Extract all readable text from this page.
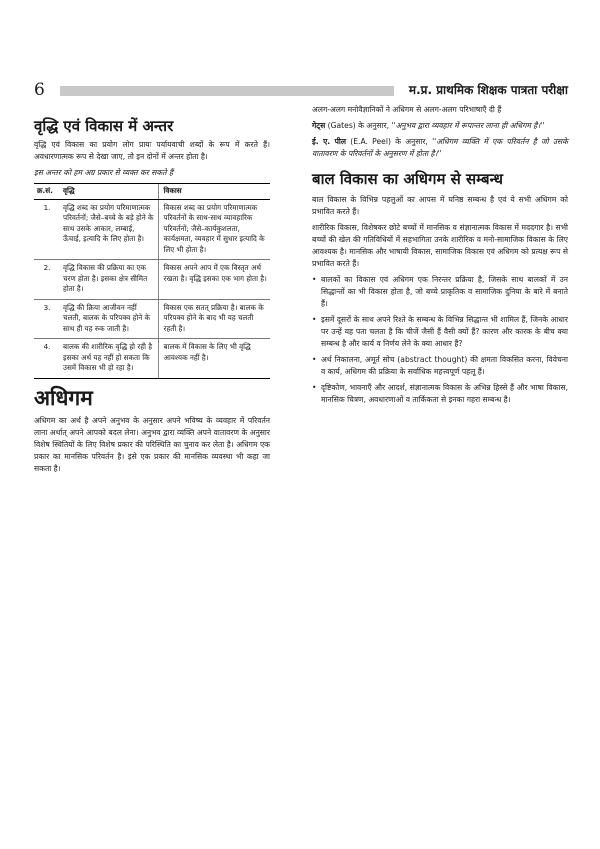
6	म.प्र. प्राथमिक शिक्षक पात्रता परीक्षा
वृद्धि एवं विकास में अन्तर

वृद्धि एवं विकास का प्रयोग लोग प्रायः पर्यायवाची शब्दों के रूप में करते हैं। अवधारणात्मक रूप से देखा जाए, तो इन दोनों में अन्तर होता है।

इस अन्तर को हम अग्र प्रकार से व्यक्त कर सकते हैं

क्र.सं.	वृद्धि	विकास
1.	वृद्धि शब्द का प्रयोग परिमाणात्मक परिवर्तनों; जैसे–बच्चे के बड़े होने के साथ उसके आकार, लम्बाई, ऊँचाई, इत्यादि के लिए होता है।	विकास शब्द का प्रयोग परिमाणात्मक परिवर्तनों के साथ-साथ व्यावहारिक परिवर्तनों; जैसे–कार्यकुशलता, कार्यक्षमता, व्यवहार में सुधार इत्यादि के लिए भी होता है।
2.	वृद्धि विकास की प्रक्रिया का एक चरण होता है। इसका क्षेत्र सीमित होता है।	विकास अपने आप में एक विस्तृत अर्थ रखता है। वृद्धि इसका एक भाग होता है।
3.	वृद्धि की क्रिया आजीवन नहीं चलती, बालक के परिपक्व होने के साथ ही यह रुक जाती है।	विकास एक सतत् प्रक्रिया है। बालक के परिपक्व होने के बाद भी यह चलती रहती है।
4.	बालक की शारीरिक वृद्धि हो रही है इसका अर्थ यह नहीं हो सकता कि उसमें विकास भी हो रहा है।	बालक में विकास के लिए भी वृद्धि आवश्यक नहीं है।
अधिगम

अधिगम का अर्थ है अपने अनुभव के अनुसार अपने भविष्य के व्यवहार में परिवर्तन लाना अर्थात् अपने आपको बदल लेना। अनुभव द्वारा व्यक्ति अपने वातावरण के अनुसार विशेष स्थितियों के लिए विशेष प्रकार की परिस्थिति का चुनाव कर लेता है। अधिगम एक प्रकार का मानसिक परिवर्तन है। इसे एक प्रकार की मानसिक व्यवस्था भी कहा जा सकता है।

अलग-अलग मनोवैज्ञानिकों ने अधिगम से अलग-अलग परिभाषाएँ दी हैं

गेट्स (Gates) के अनुसार, ''अनुभव द्वारा व्यवहार में रूपान्तर लाना ही अधिगम है।''

ई. ए. पील (E.A. Peel) के अनुसार, ''अधिगम व्यक्ति में एक परिवर्तन है जो उसके वातावरण के परिवर्तनों के अनुसरण में होता है।''

बाल विकास का अधिगम से सम्बन्ध

बाल विकास के विभिन्न पहलुओं का आपस में घनिष्ठ सम्बन्ध है एवं ये सभी अधिगम को प्रभावित करते हैं।

शारीरिक विकास, विशेषकर छोटे बच्चों में मानसिक व संज्ञानात्मक विकास में मददगार है। सभी बच्चों की खेल की गतिविधियों में सहभागिता उनके शारीरिक व मनो-सामाजिक विकास के लिए आवश्यक है। मानसिक और भाषायी विकास, सामाजिक विकास एवं अधिगम को प्रत्यक्ष रूप से प्रभावित करते हैं।

• बालकों का विकास एवं अधिगम एक निरन्तर प्रक्रिया है, जिसके साथ बालकों में उन सिद्धान्तों का भी विकास होता है, जो बच्चे प्राकृतिक व सामाजिक दुनिया के बारे में बनाते हैं।
• इसमें दूसरों के साथ अपने रिश्ते के सम्बन्ध के विभिन्न सिद्धान्त भी शामिल हैं, जिनके आधार पर उन्हें यह पता चलता है कि चीजें जैसी हैं वैसी क्यों हैं? कारण और कारक के बीच क्या सम्बन्ध है और कार्य व निर्णय लेने के क्या आधार हैं?
• अर्थ निकालना, अमूर्त सोच (abstract thought) की क्षमता विकसित करना, विवेचना व कार्य, अधिगम की प्रक्रिया के सर्वाधिक महत्त्वपूर्ण पहलू हैं।
• दृष्टिकोण, भावनाएँ और आदर्श, संज्ञानात्मक विकास के अभिन्न हिस्से हैं और भाषा विकास, मानसिक चित्रण, अवधारणाओं व तार्किकता से इनका गहरा सम्बन्ध है।
